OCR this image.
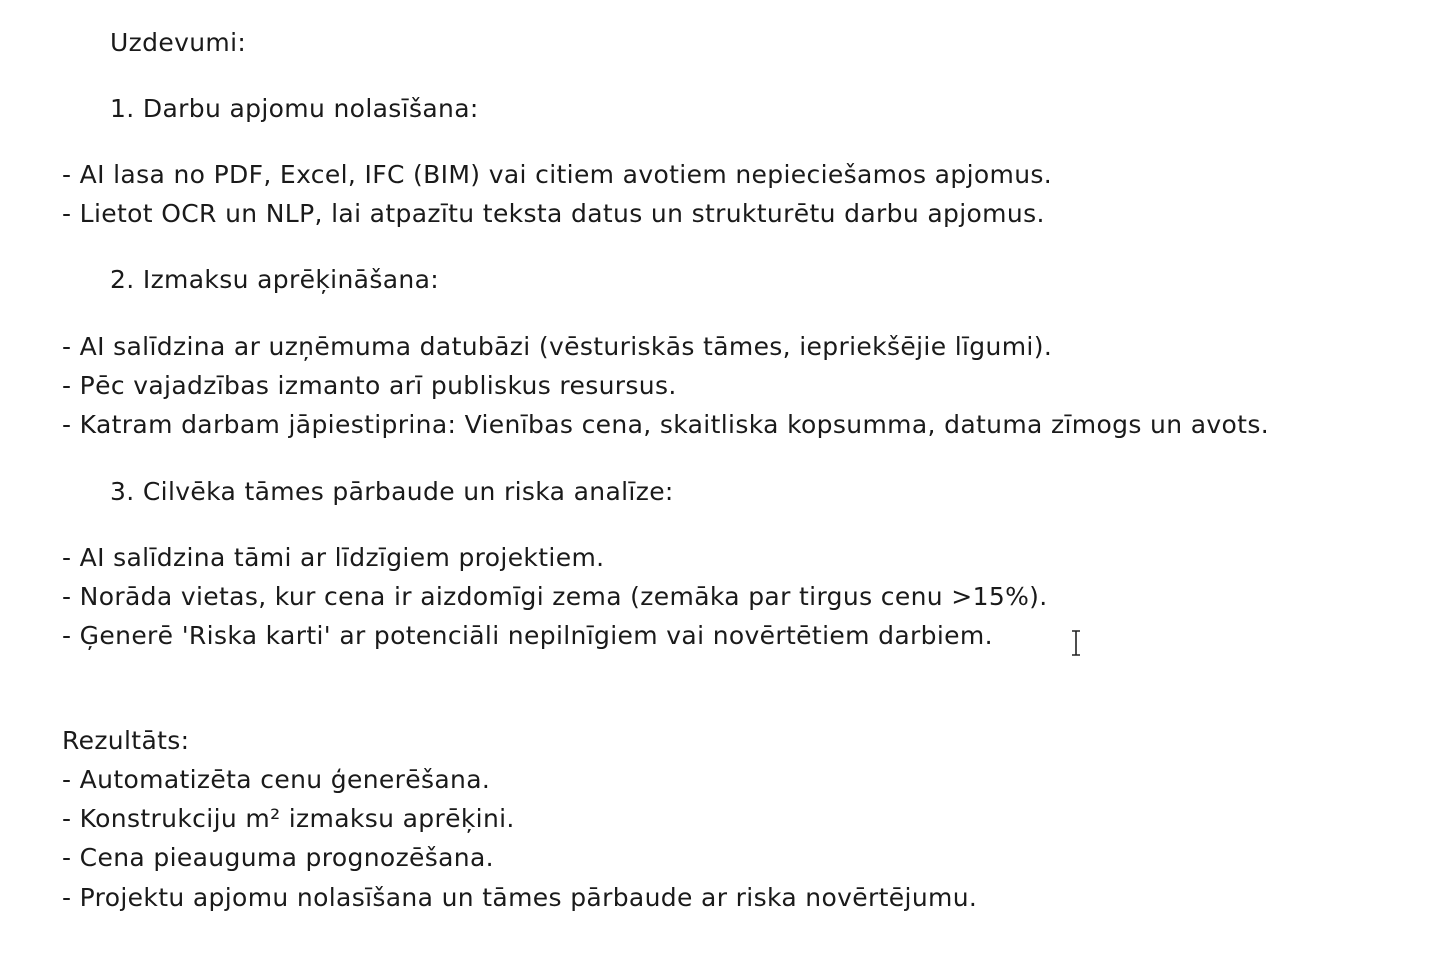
Uzdevumi:
1. Darbu apjomu nolasīšana:
- AI lasa no PDF, Excel, IFC (BIM) vai citiem avotiem nepieciešamos apjomus.
- Lietot OCR un NLP, lai atpazītu teksta datus un strukturētu darbu apjomus.
2. Izmaksu aprēķināšana:
- AI salīdzina ar uzņēmuma datubāzi (vēsturiskās tāmes, iepriekšējie līgumi).
- Pēc vajadzības izmanto arī publiskus resursus.
- Katram darbam jāpiestiprina: Vienības cena, skaitliska kopsumma, datuma zīmogs un avots.
3. Cilvēka tāmes pārbaude un riska analīze:
- AI salīdzina tāmi ar līdzīgiem projektiem.
- Norāda vietas, kur cena ir aizdomīgi zema (zemāka par tirgus cenu >15%).
- Ģenerē 'Riska karti' ar potenciāli nepilnīgiem vai novērtētiem darbiem.
Rezultāts:
- Automatizēta cenu ģenerēšana.
- Konstrukciju m² izmaksu aprēķini.
- Cena pieauguma prognozēšana.
- Projektu apjomu nolasīšana un tāmes pārbaude ar riska novērtējumu.
